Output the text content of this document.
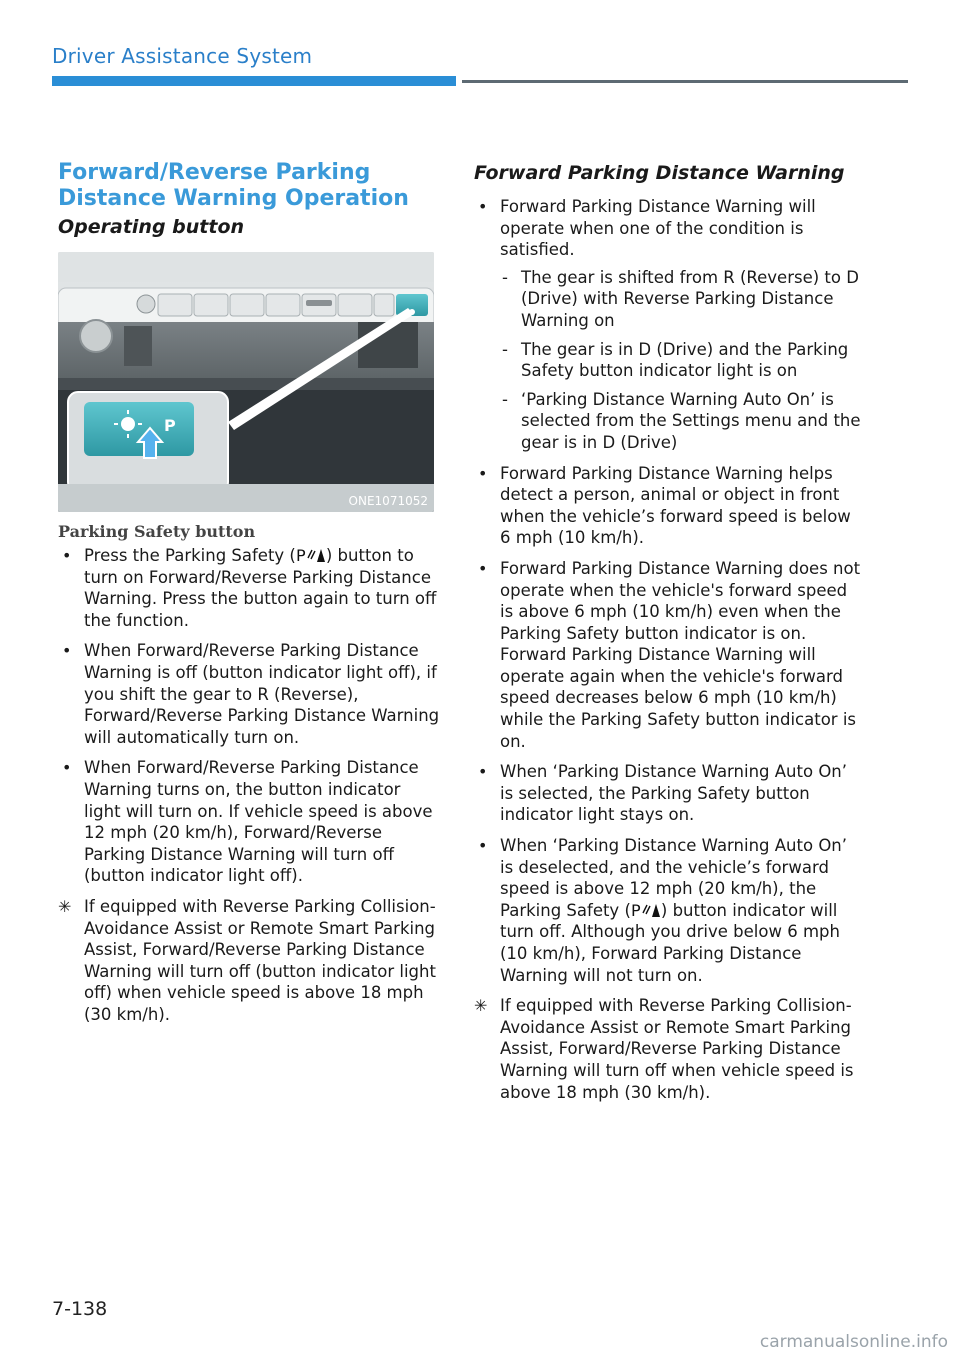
Driver Assistance System
Forward/Reverse Parking
Distance Warning Operation
Operating button
P
ONE1071052
Parking Safety button
• Press the Parking Safety ( P ) button to turn on Forward/Reverse Parking Distance Warning. Press the button again to turn off the function.
• When Forward/Reverse Parking Distance Warning is off (button indicator light off), if you shift the gear to R (Reverse), Forward/Reverse Parking Distance Warning will automatically turn on.
• When Forward/Reverse Parking Distance Warning turns on, the button indicator light will turn on. If vehicle speed is above 12 mph (20 km/h), Forward/Reverse Parking Distance Warning will turn off (button indicator light off).
✳ If equipped with Reverse Parking Collision-Avoidance Assist or Remote Smart Parking Assist, Forward/Reverse Parking Distance Warning will turn off (button indicator light off) when vehicle speed is above 18 mph (30 km/h).
Forward Parking Distance Warning
• Forward Parking Distance Warning will operate when one of the condition is satisfied.
- The gear is shifted from R (Reverse) to D (Drive) with Reverse Parking Distance Warning on
- The gear is in D (Drive) and the Parking Safety button indicator light is on
- ‘Parking Distance Warning Auto On’ is selected from the Settings menu and the gear is in D (Drive)
• Forward Parking Distance Warning helps detect a person, animal or object in front when the vehicle’s forward speed is below 6 mph (10 km/h).
• Forward Parking Distance Warning does not operate when the vehicle's forward speed is above 6 mph (10 km/h) even when the Parking Safety button indicator is on. Forward Parking Distance Warning will operate again when the vehicle's forward speed decreases below 6 mph (10 km/h) while the Parking Safety button indicator is on.
• When ‘Parking Distance Warning Auto On’ is selected, the Parking Safety button indicator light stays on.
• When ‘Parking Distance Warning Auto On’ is deselected, and the vehicle’s forward speed is above 12 mph (20 km/h), the Parking Safety ( P ) button indicator will turn off. Although you drive below 6 mph (10 km/h), Forward Parking Distance Warning will not turn on.
✳ If equipped with Reverse Parking Collision-Avoidance Assist or Remote Smart Parking Assist, Forward/Reverse Parking Distance Warning will turn off when vehicle speed is above 18 mph (30 km/h).
7-138
carmanualsonline.info
